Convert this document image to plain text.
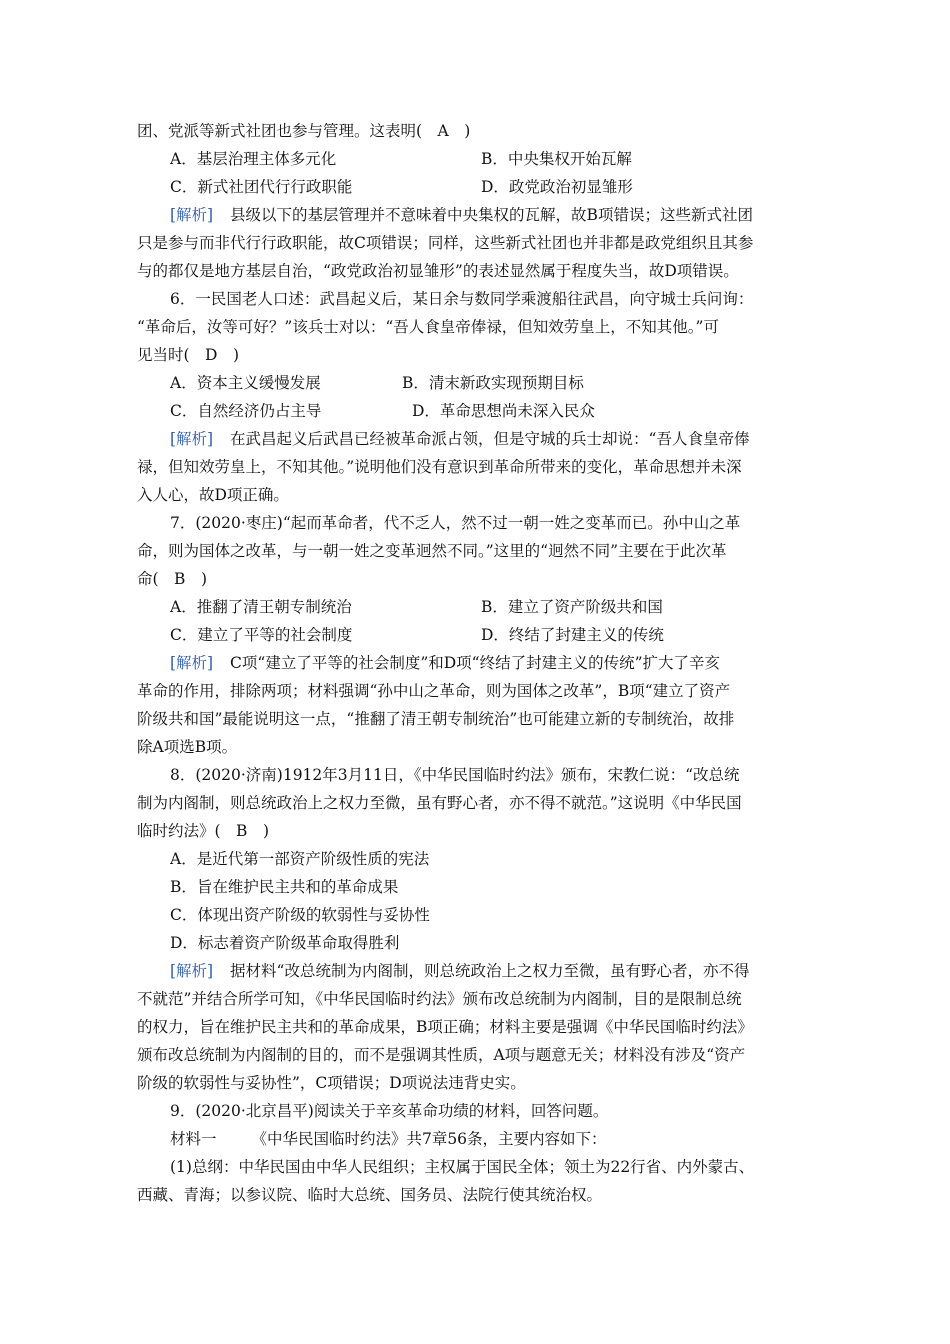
团、党派等新式社团也参与管理。这表明(　A　)
A．基层治理主体多元化	B．中央集权开始瓦解
C．新式社团代行行政职能	D．政党政治初显雏形
[解析] 县级以下的基层管理并不意味着中央集权的瓦解，故B项错误；这些新式社团
只是参与而非代行行政职能，故C项错误；同样，这些新式社团也并非都是政党组织且其参
与的都仅是地方基层自治，“政党政治初显雏形”的表述显然属于程度失当，故D项错误。
6．一民国老人口述：武昌起义后，某日余与数同学乘渡船往武昌，向守城士兵问询：
“革命后，汝等可好？”该兵士对以：“吾人食皇帝俸禄，但知效劳皇上，不知其他。”可
见当时(　D　)
A．资本主义缓慢发展	B．清末新政实现预期目标
C．自然经济仍占主导	D．革命思想尚未深入民众
[解析] 在武昌起义后武昌已经被革命派占领，但是守城的兵士却说：“吾人食皇帝俸
禄，但知效劳皇上，不知其他。”说明他们没有意识到革命所带来的变化，革命思想并未深
入人心，故D项正确。
7．(2020·枣庄)“起而革命者，代不乏人，然不过一朝一姓之变革而已。孙中山之革
命，则为国体之改革，与一朝一姓之变革迥然不同。”这里的“迥然不同”主要在于此次革
命(　B　)
A．推翻了清王朝专制统治	B．建立了资产阶级共和国
C．建立了平等的社会制度	D．终结了封建主义的传统
[解析] C项“建立了平等的社会制度”和D项“终结了封建主义的传统”扩大了辛亥
革命的作用，排除两项；材料强调“孙中山之革命，则为国体之改革”，B项“建立了资产
阶级共和国”最能说明这一点，“推翻了清王朝专制统治”也可能建立新的专制统治，故排
除A项选B项。
8．(2020·济南)1912年3月11日，《中华民国临时约法》颁布，宋教仁说：“改总统
制为内阁制，则总统政治上之权力至微，虽有野心者，亦不得不就范。”这说明《中华民国
临时约法》(　B　)
A．是近代第一部资产阶级性质的宪法
B．旨在维护民主共和的革命成果
C．体现出资产阶级的软弱性与妥协性
D．标志着资产阶级革命取得胜利
[解析] 据材料“改总统制为内阁制，则总统政治上之权力至微，虽有野心者，亦不得
不就范”并结合所学可知，《中华民国临时约法》颁布改总统制为内阁制，目的是限制总统
的权力，旨在维护民主共和的革命成果，B项正确；材料主要是强调《中华民国临时约法》
颁布改总统制为内阁制的目的，而不是强调其性质，A项与题意无关；材料没有涉及“资产
阶级的软弱性与妥协性”，C项错误；D项说法违背史实。
9．(2020·北京昌平)阅读关于辛亥革命功绩的材料，回答问题。
材料一 《中华民国临时约法》共7章56条，主要内容如下：
(1)总纲：中华民国由中华人民组织；主权属于国民全体；领土为22行省、内外蒙古、
西藏、青海；以参议院、临时大总统、国务员、法院行使其统治权。
